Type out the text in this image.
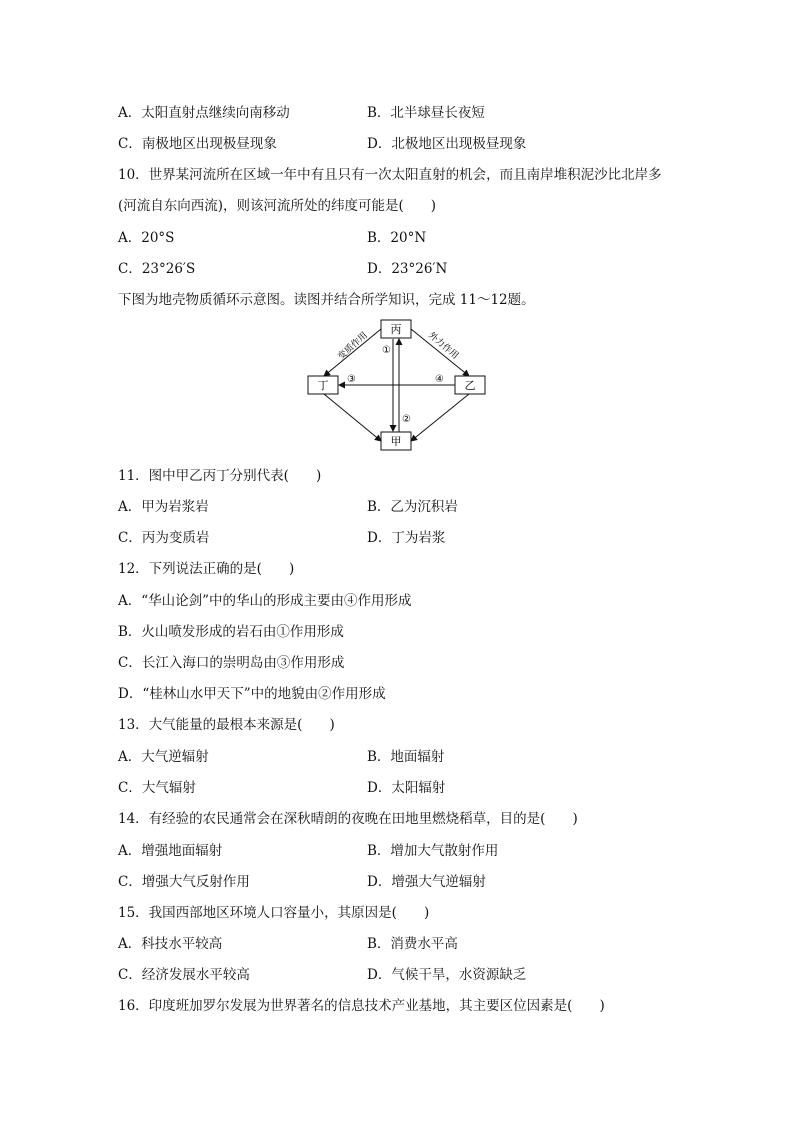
A．太阳直射点继续向南移动	B．北半球昼长夜短
C．南极地区出现极昼现象	D．北极地区出现极昼现象
10．世界某河流所在区域一年中有且只有一次太阳直射的机会，而且南岸堆积泥沙比北岸多
(河流自东向西流)，则该河流所处的纬度可能是(　　)
A．20°S	B．20°N
C．23°26′S	D．23°26′N
下图为地壳物质循环示意图。读图并结合所学知识，完成 11～12题。
丙
丁	乙
甲
变质作用	外力作用
①
②
③	④
11．图中甲乙丙丁分别代表(　　)
A．甲为岩浆岩	B．乙为沉积岩
C．丙为变质岩	D．丁为岩浆
12．下列说法正确的是(　　)
A．“华山论剑”中的华山的形成主要由④作用形成
B．火山喷发形成的岩石由①作用形成
C．长江入海口的崇明岛由③作用形成
D．“桂林山水甲天下”中的地貌由②作用形成
13．大气能量的最根本来源是(　　)
A．大气逆辐射	B．地面辐射
C．大气辐射	D．太阳辐射
14．有经验的农民通常会在深秋晴朗的夜晚在田地里燃烧稻草，目的是(　　)
A．增强地面辐射	B．增加大气散射作用
C．增强大气反射作用	D．增强大气逆辐射
15．我国西部地区环境人口容量小，其原因是(　　)
A．科技水平较高	B．消费水平高
C．经济发展水平较高	D．气候干旱，水资源缺乏
16．印度班加罗尔发展为世界著名的信息技术产业基地，其主要区位因素是(　　)
